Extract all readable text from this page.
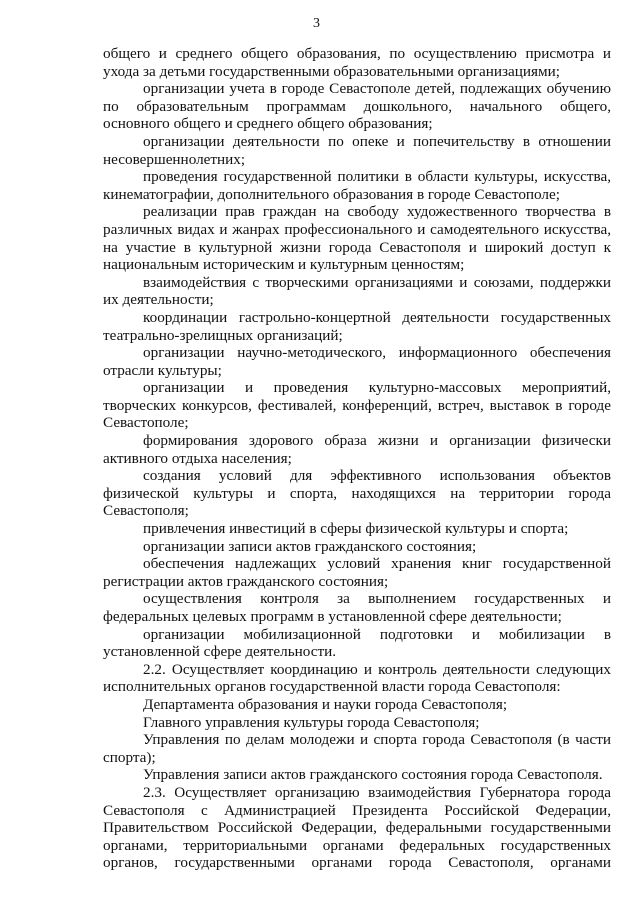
3

общего и среднего общего образования, по осуществлению присмотра и ухода за детьми государственными образовательными организациями;

организации учета в городе Севастополе детей, подлежащих обучению по образовательным программам дошкольного, начального общего, основного общего и среднего общего образования;

организации деятельности по опеке и попечительству в отношении несовершеннолетних;

проведения государственной политики в области культуры, искусства, кинематографии, дополнительного образования в городе Севастополе;

реализации прав граждан на свободу художественного творчества в различных видах и жанрах профессионального и самодеятельного искусства, на участие в культурной жизни города Севастополя и широкий доступ к национальным историческим и культурным ценностям;

взаимодействия с творческими организациями и союзами, поддержки их деятельности;

координации гастрольно-концертной деятельности государственных театрально-зрелищных организаций;

организации научно-методического, информационного обеспечения отрасли культуры;

организации и проведения культурно-массовых мероприятий, творческих конкурсов, фестивалей, конференций, встреч, выставок в городе Севастополе;

формирования здорового образа жизни и организации физически активного отдыха населения;

создания условий для эффективного использования объектов физической культуры и спорта, находящихся на территории города Севастополя;

привлечения инвестиций в сферы физической культуры и спорта;

организации записи актов гражданского состояния;

обеспечения надлежащих условий хранения книг государственной регистрации актов гражданского состояния;

осуществления контроля за выполнением государственных и федеральных целевых программ в установленной сфере деятельности;

организации мобилизационной подготовки и мобилизации в установленной сфере деятельности.

2.2. Осуществляет координацию и контроль деятельности следующих исполнительных органов государственной власти города Севастополя:

Департамента образования и науки города Севастополя;

Главного управления культуры города Севастополя;

Управления по делам молодежи и спорта города Севастополя (в части спорта);

Управления записи актов гражданского состояния города Севастополя.

2.3. Осуществляет организацию взаимодействия Губернатора города Севастополя с Администрацией Президента Российской Федерации, Правительством Российской Федерации, федеральными государственными органами, территориальными органами федеральных государственных органов, государственными органами города Севастополя, органами
